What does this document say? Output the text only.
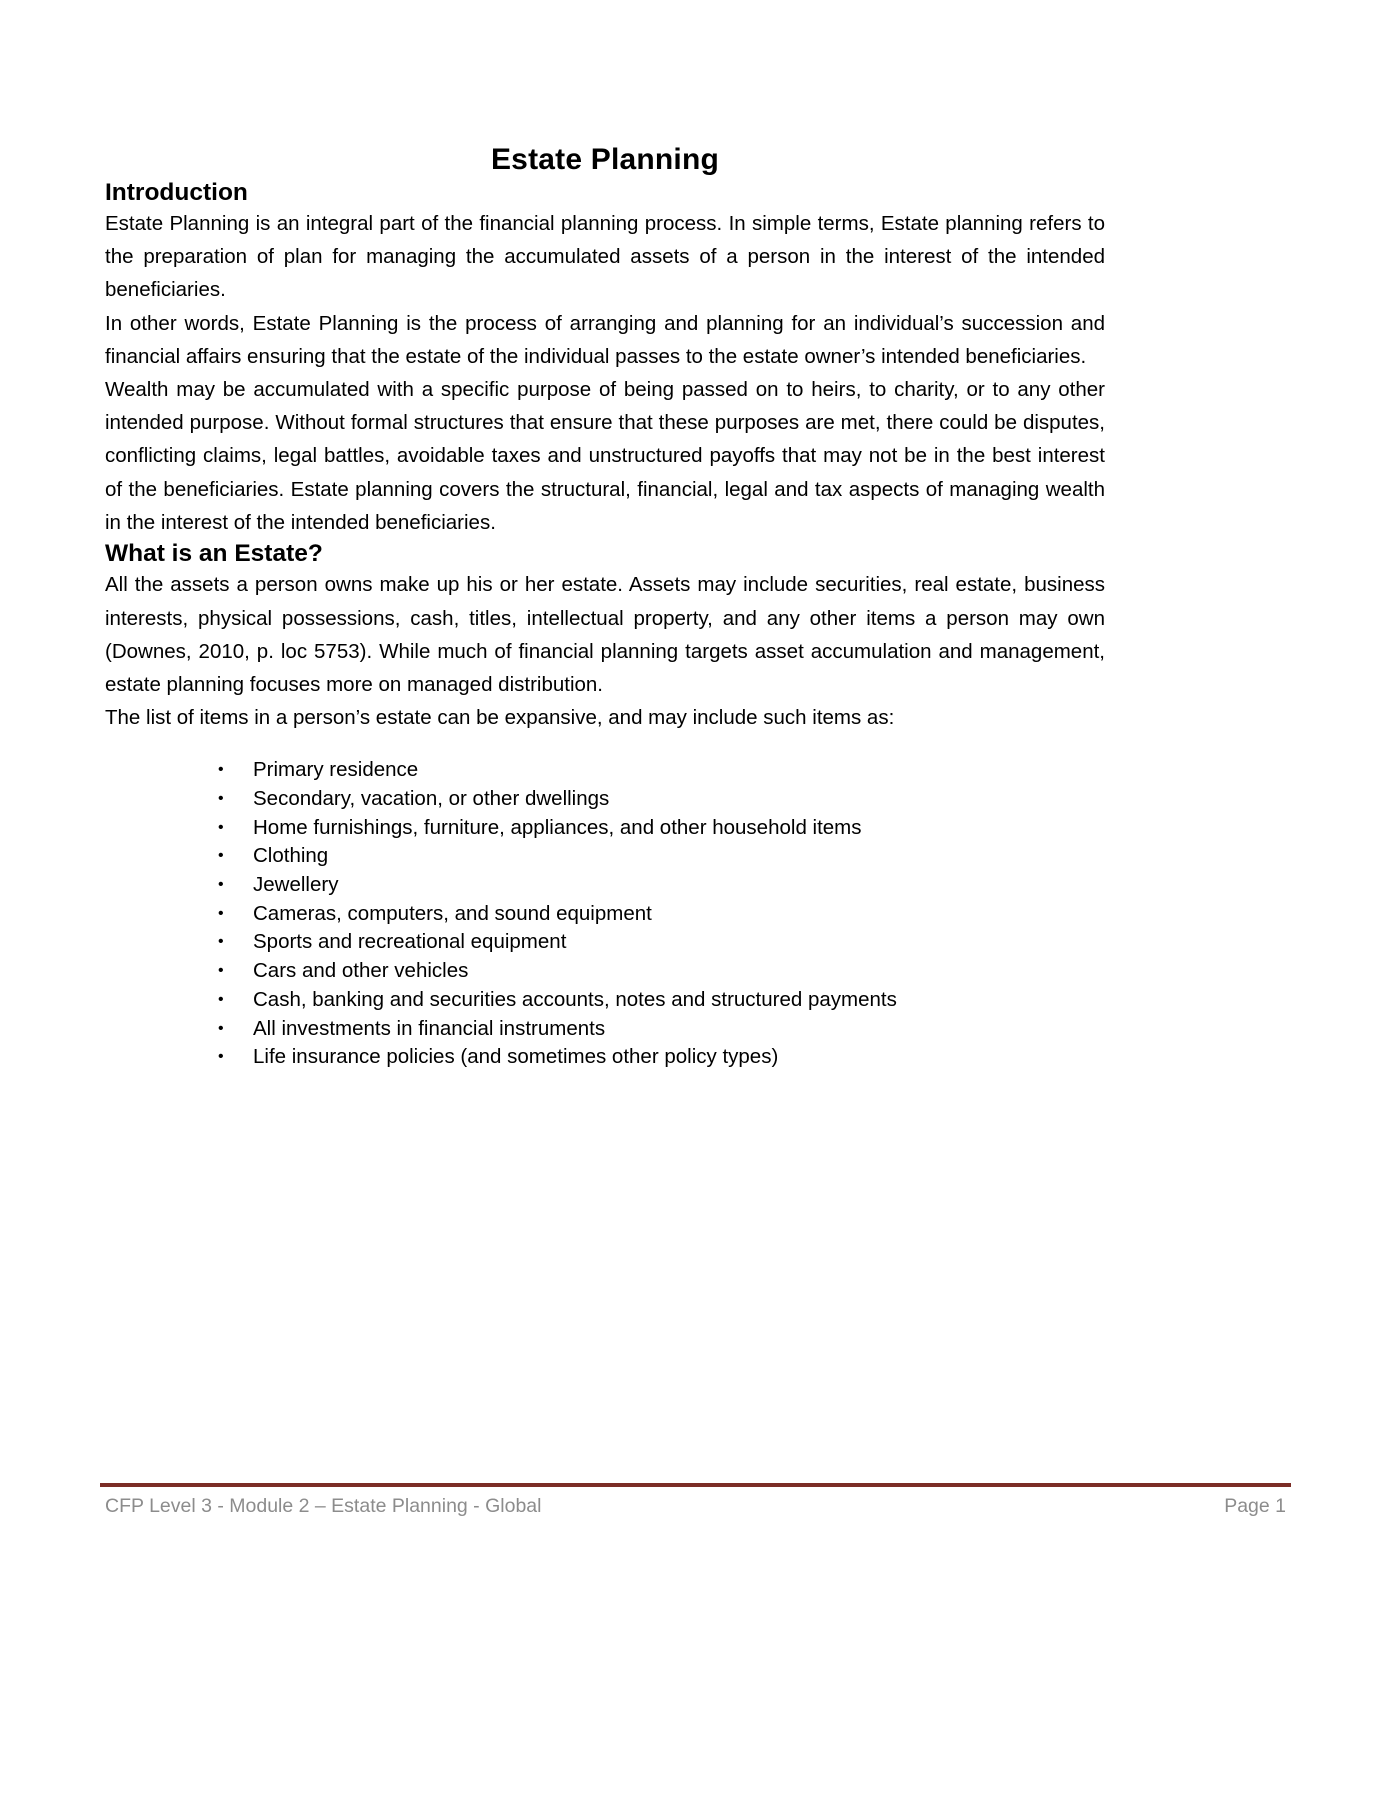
Estate Planning
Introduction

Estate Planning is an integral part of the financial planning process. In simple terms, Estate planning refers to the preparation of plan for managing the accumulated assets of a person in the interest of the intended beneficiaries.

In other words, Estate Planning is the process of arranging and planning for an individual’s succession and financial affairs ensuring that the estate of the individual passes to the estate owner’s intended beneficiaries.

Wealth may be accumulated with a specific purpose of being passed on to heirs, to charity, or to any other intended purpose. Without formal structures that ensure that these purposes are met, there could be disputes, conflicting claims, legal battles, avoidable taxes and unstructured payoffs that may not be in the best interest of the beneficiaries. Estate planning covers the structural, financial, legal and tax aspects of managing wealth in the interest of the intended beneficiaries.

What is an Estate?

All the assets a person owns make up his or her estate. Assets may include securities, real estate, business interests, physical possessions, cash, titles, intellectual property, and any other items a person may own (Downes, 2010, p. loc 5753). While much of financial planning targets asset accumulation and management, estate planning focuses more on managed distribution.

The list of items in a person’s estate can be expansive, and may include such items as:

•	Primary residence
•	Secondary, vacation, or other dwellings
•	Home furnishings, furniture, appliances, and other household items
•	Clothing
•	Jewellery
•	Cameras, computers, and sound equipment
•	Sports and recreational equipment
•	Cars and other vehicles
•	Cash, banking and securities accounts, notes and structured payments
•	All investments in financial instruments
•	Life insurance policies (and sometimes other policy types)
CFP Level 3 - Module 2 – Estate Planning - Global	Page 1
